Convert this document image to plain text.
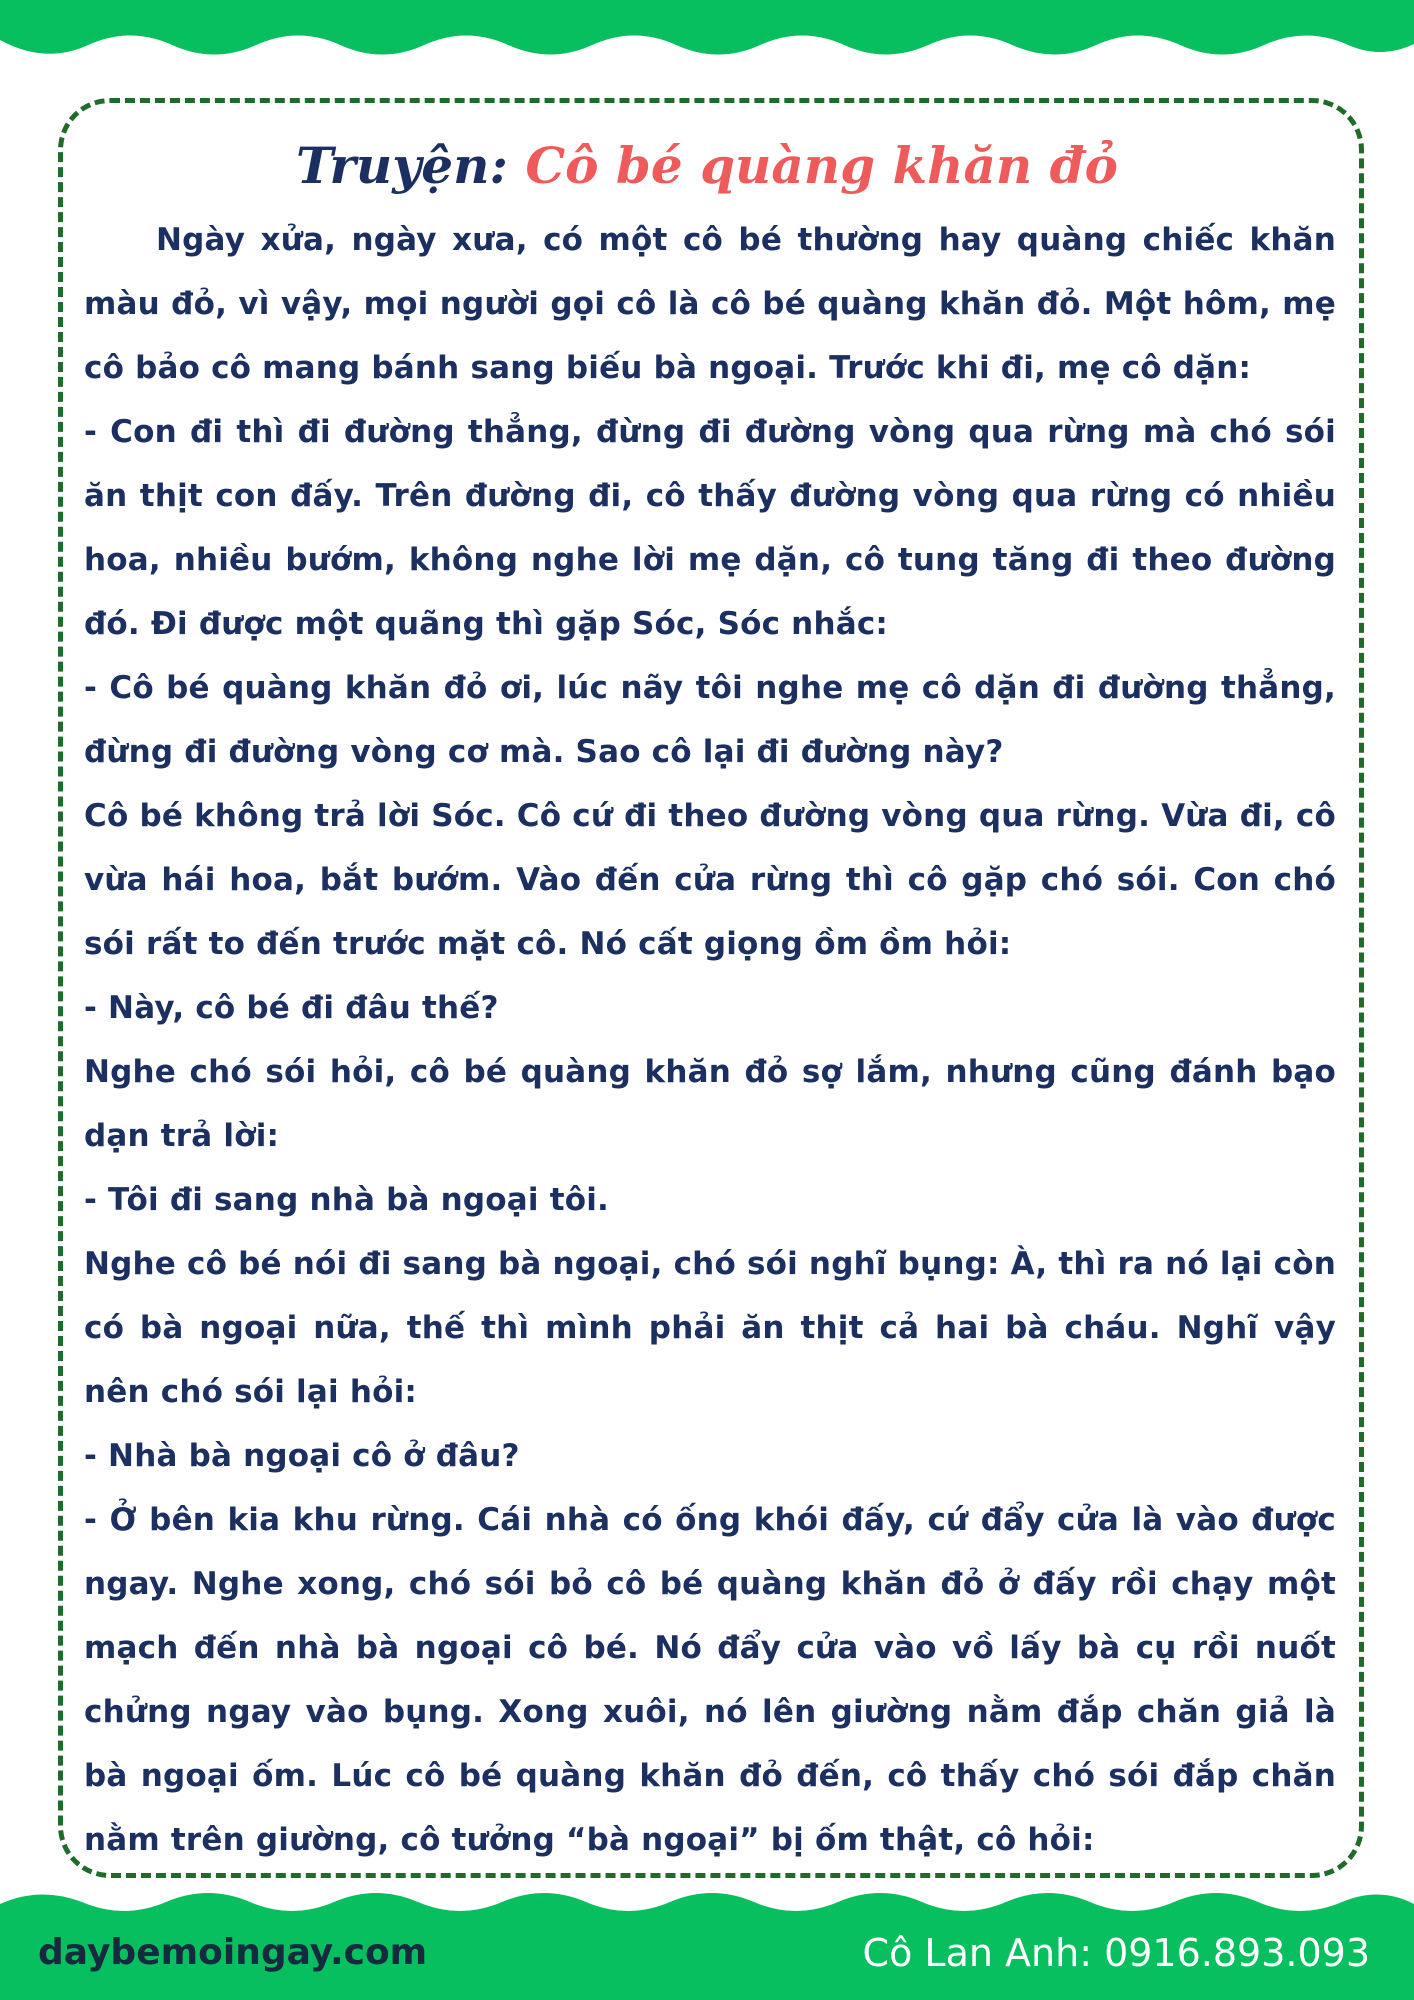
Truyện: Cô bé quàng khăn đỏ

Ngày xửa, ngày xưa, có một cô bé thường hay quàng chiếc khăn màu đỏ, vì vậy, mọi người gọi cô là cô bé quàng khăn đỏ. Một hôm, mẹ cô bảo cô mang bánh sang biếu bà ngoại. Trước khi đi, mẹ cô dặn:

- Con đi thì đi đường thẳng, đừng đi đường vòng qua rừng mà chó sói ăn thịt con đấy. Trên đường đi, cô thấy đường vòng qua rừng có nhiều hoa, nhiều bướm, không nghe lời mẹ dặn, cô tung tăng đi theo đường đó. Đi được một quãng thì gặp Sóc, Sóc nhắc:

- Cô bé quàng khăn đỏ ơi, lúc nãy tôi nghe mẹ cô dặn đi đường thẳng, đừng đi đường vòng cơ mà. Sao cô lại đi đường này?

Cô bé không trả lời Sóc. Cô cứ đi theo đường vòng qua rừng. Vừa đi, cô vừa hái hoa, bắt bướm. Vào đến cửa rừng thì cô gặp chó sói. Con chó sói rất to đến trước mặt cô. Nó cất giọng ồm ồm hỏi:

- Này, cô bé đi đâu thế?

Nghe chó sói hỏi, cô bé quàng khăn đỏ sợ lắm, nhưng cũng đánh bạo dạn trả lời:

- Tôi đi sang nhà bà ngoại tôi.

Nghe cô bé nói đi sang bà ngoại, chó sói nghĩ bụng: À, thì ra nó lại còn có bà ngoại nữa, thế thì mình phải ăn thịt cả hai bà cháu. Nghĩ vậy nên chó sói lại hỏi:

- Nhà bà ngoại cô ở đâu?

- Ở bên kia khu rừng. Cái nhà có ống khói đấy, cứ đẩy cửa là vào được ngay. Nghe xong, chó sói bỏ cô bé quàng khăn đỏ ở đấy rồi chạy một mạch đến nhà bà ngoại cô bé. Nó đẩy cửa vào vồ lấy bà cụ rồi nuốt chửng ngay vào bụng. Xong xuôi, nó lên giường nằm đắp chăn giả là bà ngoại ốm. Lúc cô bé quàng khăn đỏ đến, cô thấy chó sói đắp chăn nằm trên giường, cô tưởng “bà ngoại” bị ốm thật, cô hỏi:

daybemoingay.com	Cô Lan Anh: 0916.893.093
